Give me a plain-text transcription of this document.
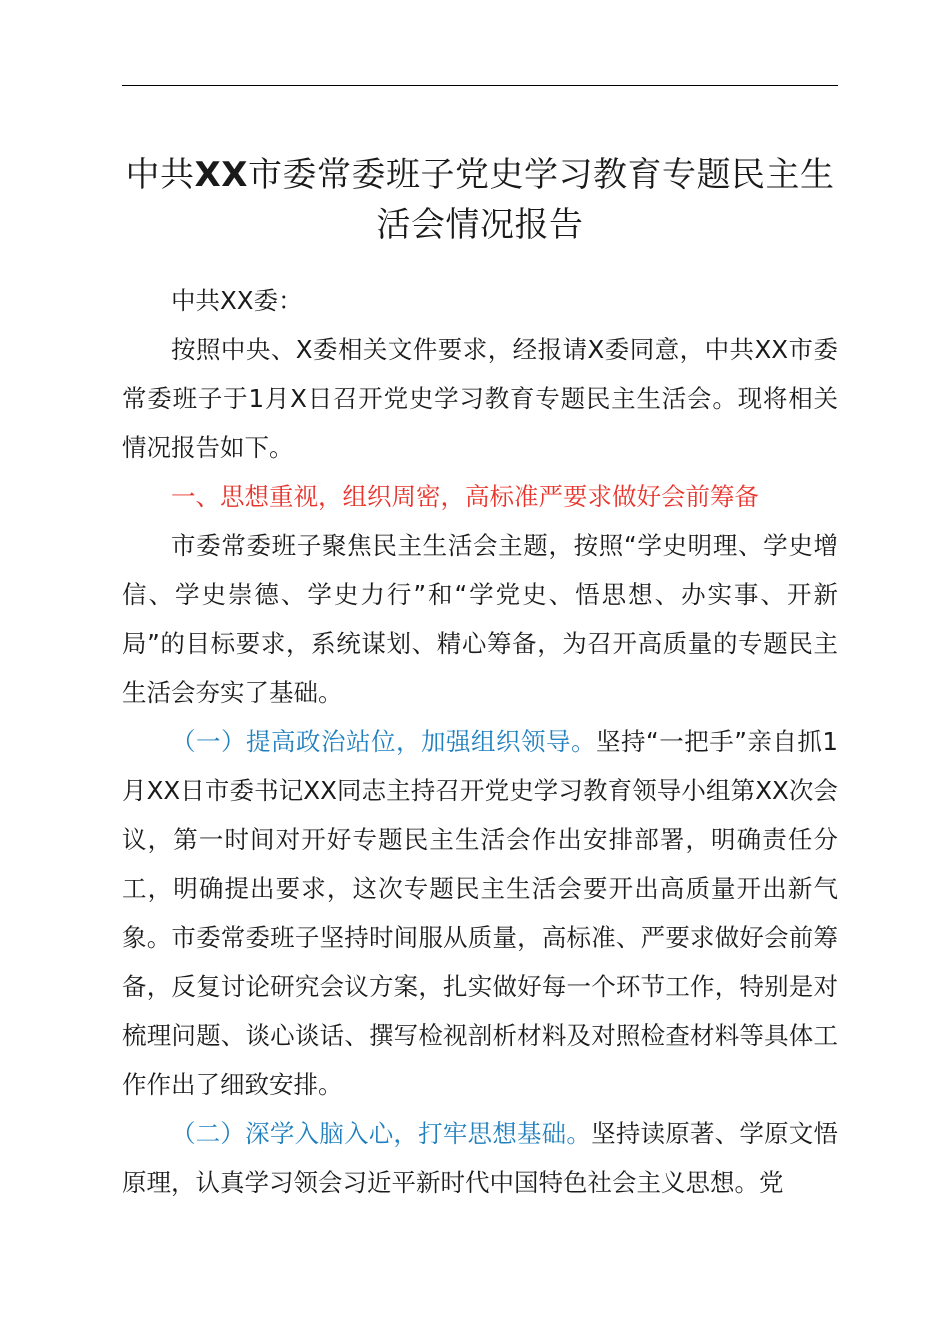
中共XX市委常委班子党史学习教育专题民主生活会情况报告

中共XX委：

按照中央、X委相关文件要求，经报请X委同意，中共XX市委常委班子于1月X日召开党史学习教育专题民主生活会。现将相关情况报告如下。

一、思想重视，组织周密，高标准严要求做好会前筹备

市委常委班子聚焦民主生活会主题，按照“学史明理、学史增信、学史崇德、学史力行”和“学党史、悟思想、办实事、开新局”的目标要求，系统谋划、精心筹备，为召开高质量的专题民主生活会夯实了基础。

（一）提高政治站位，加强组织领导。坚持“一把手”亲自抓1月XX日市委书记XX同志主持召开党史学习教育领导小组第XX次会议，第一时间对开好专题民主生活会作出安排部署，明确责任分工，明确提出要求，这次专题民主生活会要开出高质量开出新气象。市委常委班子坚持时间服从质量，高标准、严要求做好会前筹备，反复讨论研究会议方案，扎实做好每一个环节工作，特别是对梳理问题、谈心谈话、撰写检视剖析材料及对照检查材料等具体工作作出了细致安排。

（二）深学入脑入心，打牢思想基础。坚持读原著、学原文悟原理，认真学习领会习近平新时代中国特色社会主义思想。党
